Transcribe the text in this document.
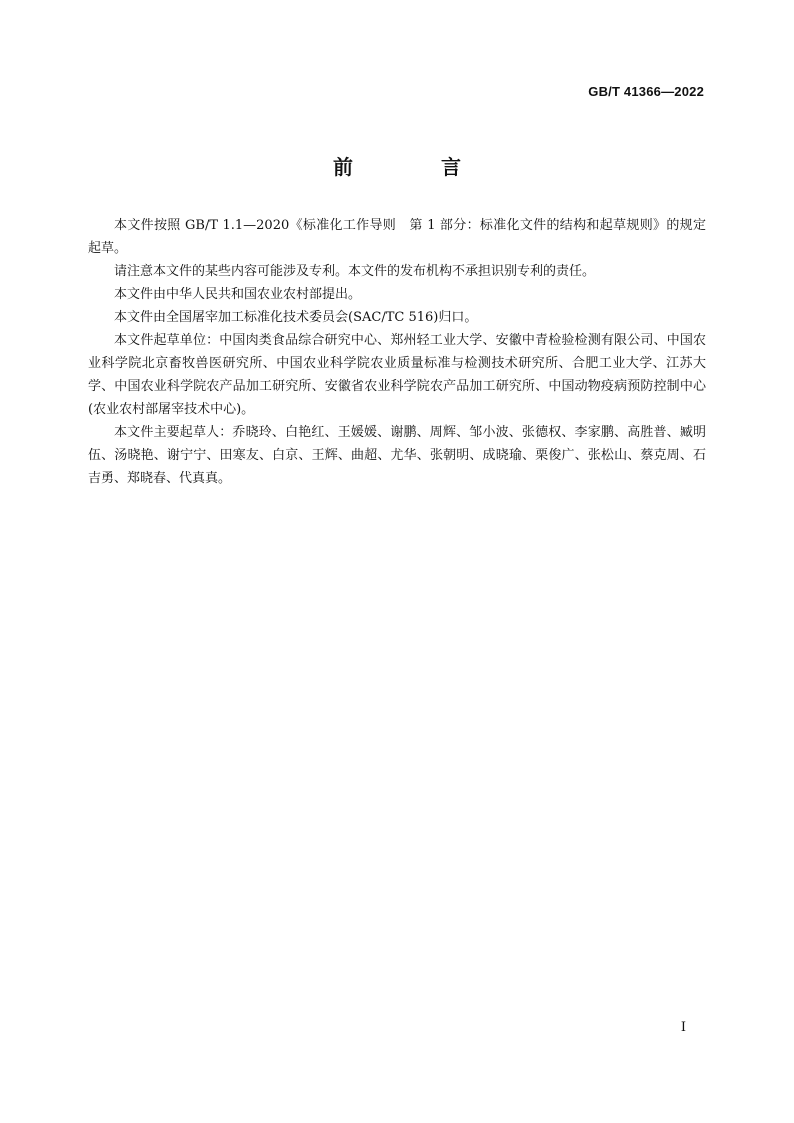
GB/T 41366—2022
前　言

本文件按照 GB/T 1.1—2020《标准化工作导则　第 1 部分：标准化文件的结构和起草规则》的规定起草。

请注意本文件的某些内容可能涉及专利。本文件的发布机构不承担识别专利的责任。

本文件由中华人民共和国农业农村部提出。

本文件由全国屠宰加工标准化技术委员会(SAC/TC 516)归口。

本文件起草单位：中国肉类食品综合研究中心、郑州轻工业大学、安徽中青检验检测有限公司、中国农业科学院北京畜牧兽医研究所、中国农业科学院农业质量标准与检测技术研究所、合肥工业大学、江苏大学、中国农业科学院农产品加工研究所、安徽省农业科学院农产品加工研究所、中国动物疫病预防控制中心(农业农村部屠宰技术中心)。

本文件主要起草人：乔晓玲、白艳红、王媛媛、谢鹏、周辉、邹小波、张德权、李家鹏、高胜普、臧明伍、汤晓艳、谢宁宁、田寒友、白京、王辉、曲超、尤华、张朝明、成晓瑜、栗俊广、张松山、蔡克周、石吉勇、郑晓春、代真真。

I
